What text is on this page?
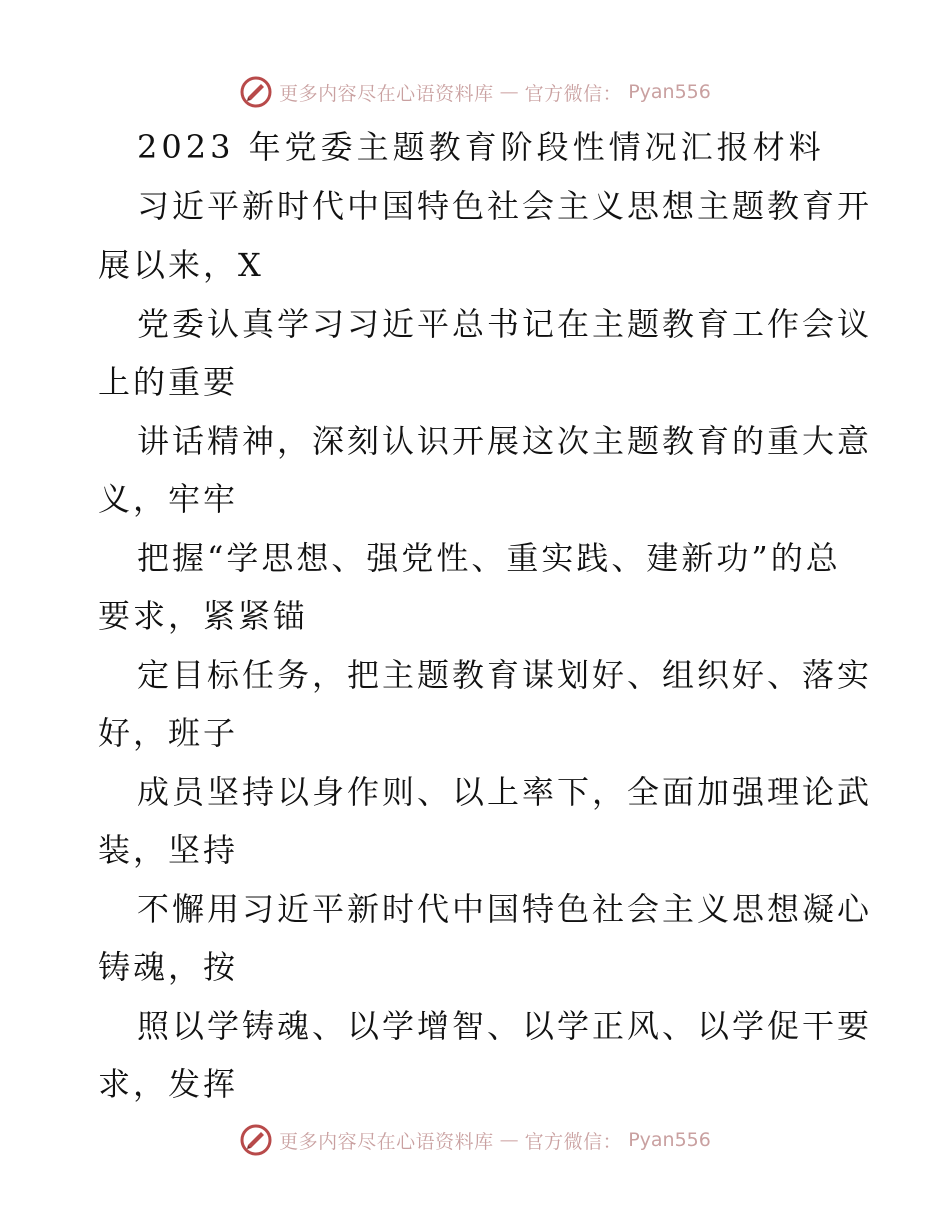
更多内容尽在心语资料库 — 官方微信： Pyan556
2023 年党委主题教育阶段性情况汇报材料
习近平新时代中国特色社会主义思想主题教育开
展以来，X
党委认真学习习近平总书记在主题教育工作会议
上的重要
讲话精神，深刻认识开展这次主题教育的重大意
义，牢牢
把握“学思想、强党性、重实践、建新功”的总
要求，紧紧锚
定目标任务，把主题教育谋划好、组织好、落实
好，班子
成员坚持以身作则、以上率下，全面加强理论武
装，坚持
不懈用习近平新时代中国特色社会主义思想凝心
铸魂，按
照以学铸魂、以学增智、以学正风、以学促干要
求，发挥
更多内容尽在心语资料库 — 官方微信： Pyan556
